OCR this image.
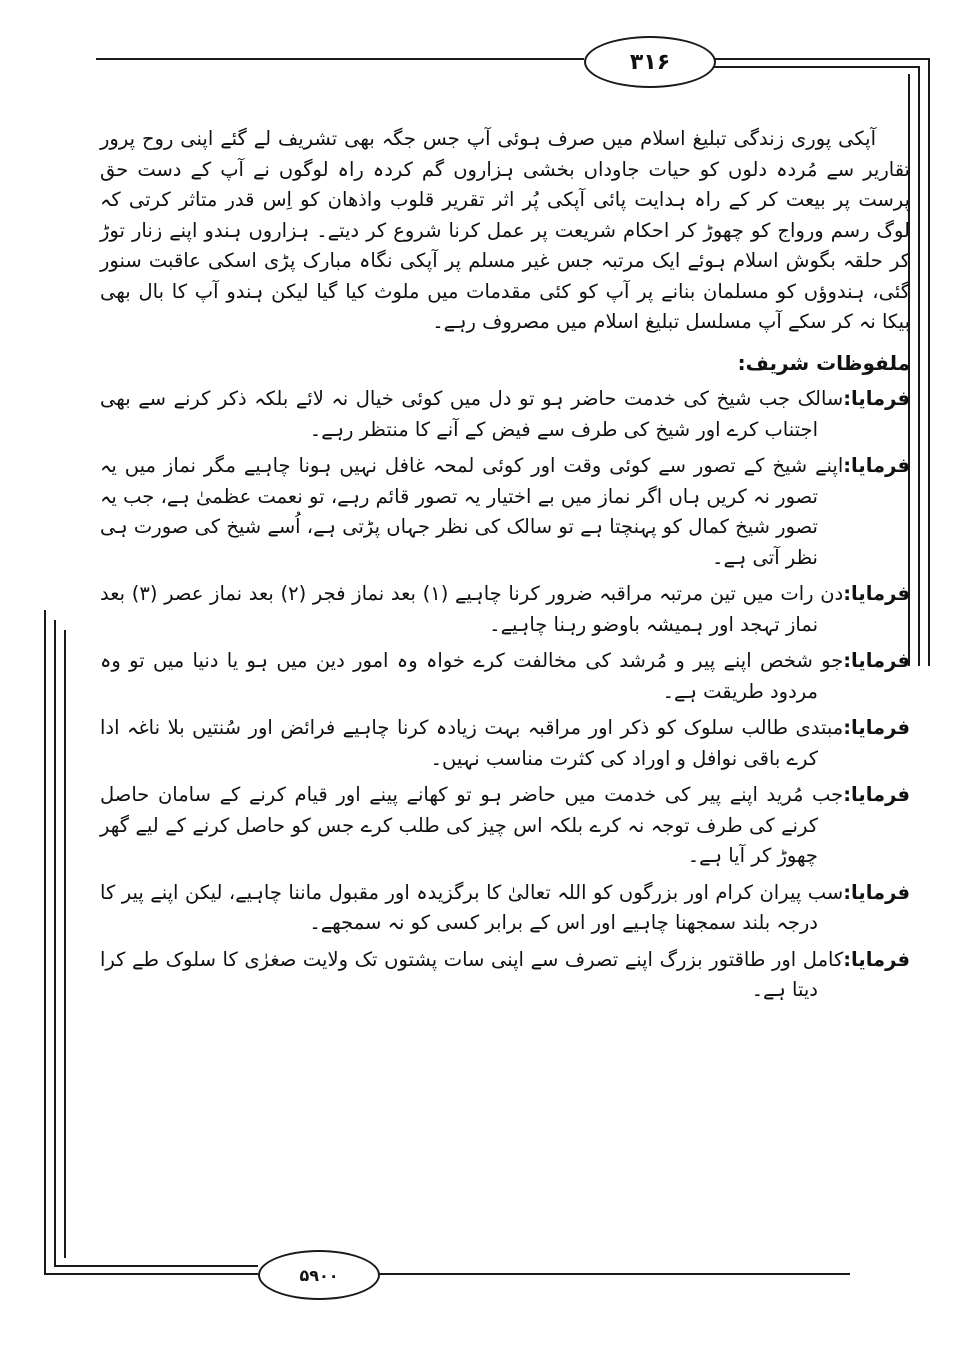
۳۱۶

آپکی پوری زندگی تبلیغ اسلام میں صرف ہوئی آپ جس جگہ بھی تشریف لے گئے اپنی روح پرور تقاریر سے مُردہ دلوں کو حیات جاوداں بخشی ہزاروں گم کردہ راہ لوگوں نے آپ کے دست حق پرست پر بیعت کر کے راہ ہدایت پائی آپکی پُر اثر تقریر قلوب واذھان کو اِس قدر متاثر کرتی کہ لوگ رسم ورواج کو چھوڑ کر احکام شریعت پر عمل کرنا شروع کر دیتے۔ ہزاروں ہندو اپنے زنار توڑ کر حلقہ بگوش اسلام ہوئے ایک مرتبہ جس غیر مسلم پر آپکی نگاہ مبارک پڑی اسکی عاقبت سنور گئی، ہندوؤں کو مسلمان بنانے پر آپ کو کئی مقدمات میں ملوث کیا گیا لیکن ہندو آپ کا بال بھی بیکا نہ کر سکے آپ مسلسل تبلیغ اسلام میں مصروف رہے۔

ملفوظات شریف:

فرمایا:سالک جب شیخ کی خدمت حاضر ہو تو دل میں کوئی خیال نہ لائے بلکہ ذکر کرنے سے بھی اجتناب کرے اور شیخ کی طرف سے فیض کے آنے کا منتظر رہے۔

فرمایا:اپنے شیخ کے تصور سے کوئی وقت اور کوئی لمحہ غافل نہیں ہونا چاہیے مگر نماز میں یہ تصور نہ کریں ہاں اگر نماز میں بے اختیار یہ تصور قائم رہے، تو نعمت عظمیٰ ہے، جب یہ تصور شیخ کمال کو پہنچتا ہے تو سالک کی نظر جہاں پڑتی ہے، اُسے شیخ کی صورت ہی نظر آتی ہے۔

فرمایا:دن رات میں تین مرتبہ مراقبہ ضرور کرنا چاہیے (۱) بعد نماز فجر (۲) بعد نماز عصر (۳) بعد نماز تہجد اور ہمیشہ باوضو رہنا چاہیے۔

فرمایا:جو شخص اپنے پیر و مُرشد کی مخالفت کرے خواہ وہ امور دین میں ہو یا دنیا میں تو وہ مردود طریقت ہے۔

فرمایا:مبتدی طالب سلوک کو ذکر اور مراقبہ بہت زیادہ کرنا چاہیے فرائض اور سُنتیں بلا ناغہ ادا کرے باقی نوافل و اوراد کی کثرت مناسب نہیں۔

فرمایا:جب مُرید اپنے پیر کی خدمت میں حاضر ہو تو کھانے پینے اور قیام کرنے کے سامان حاصل کرنے کی طرف توجہ نہ کرے بلکہ اس چیز کی طلب کرے جس کو حاصل کرنے کے لیے گھر چھوڑ کر آیا ہے۔

فرمایا:سب پیران کرام اور بزرگوں کو اللہ تعالیٰ کا برگزیدہ اور مقبول ماننا چاہیے، لیکن اپنے پیر کا درجہ بلند سمجھنا چاہیے اور اس کے برابر کسی کو نہ سمجھے۔

فرمایا:کامل اور طاقتور بزرگ اپنے تصرف سے اپنی سات پشتوں تک ولایت صغرٰی کا سلوک طے کرا دیتا ہے۔

۵۹۰۰
